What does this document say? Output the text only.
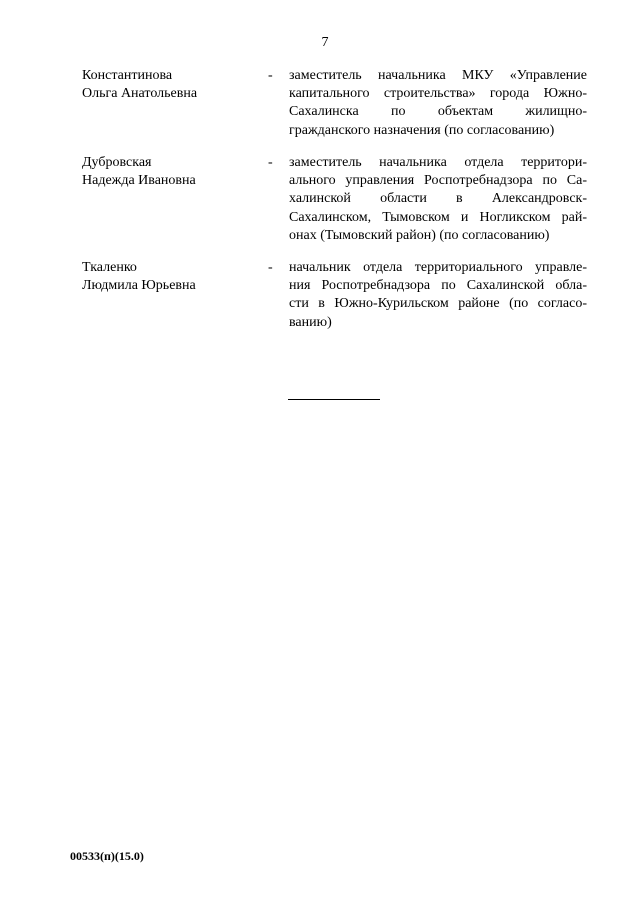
7
Константинова
Ольга Анатольевна
- заместитель начальника МКУ «Управление
капитального строительства» города Южно-
Сахалинска по объектам жилищно-
гражданского назначения (по согласованию)
Дубровская
Надежда Ивановна
- заместитель начальника отдела территори-
ального управления Роспотребнадзора по Са-
халинской области в Александровск-
Сахалинском, Тымовском и Ногликском рай-
онах (Тымовский район) (по согласованию)
Ткаленко
Людмила Юрьевна
- начальник отдела территориального управле-
ния Роспотребнадзора по Сахалинской обла-
сти в Южно-Курильском районе (по согласо-
ванию)
00533(п)(15.0)
